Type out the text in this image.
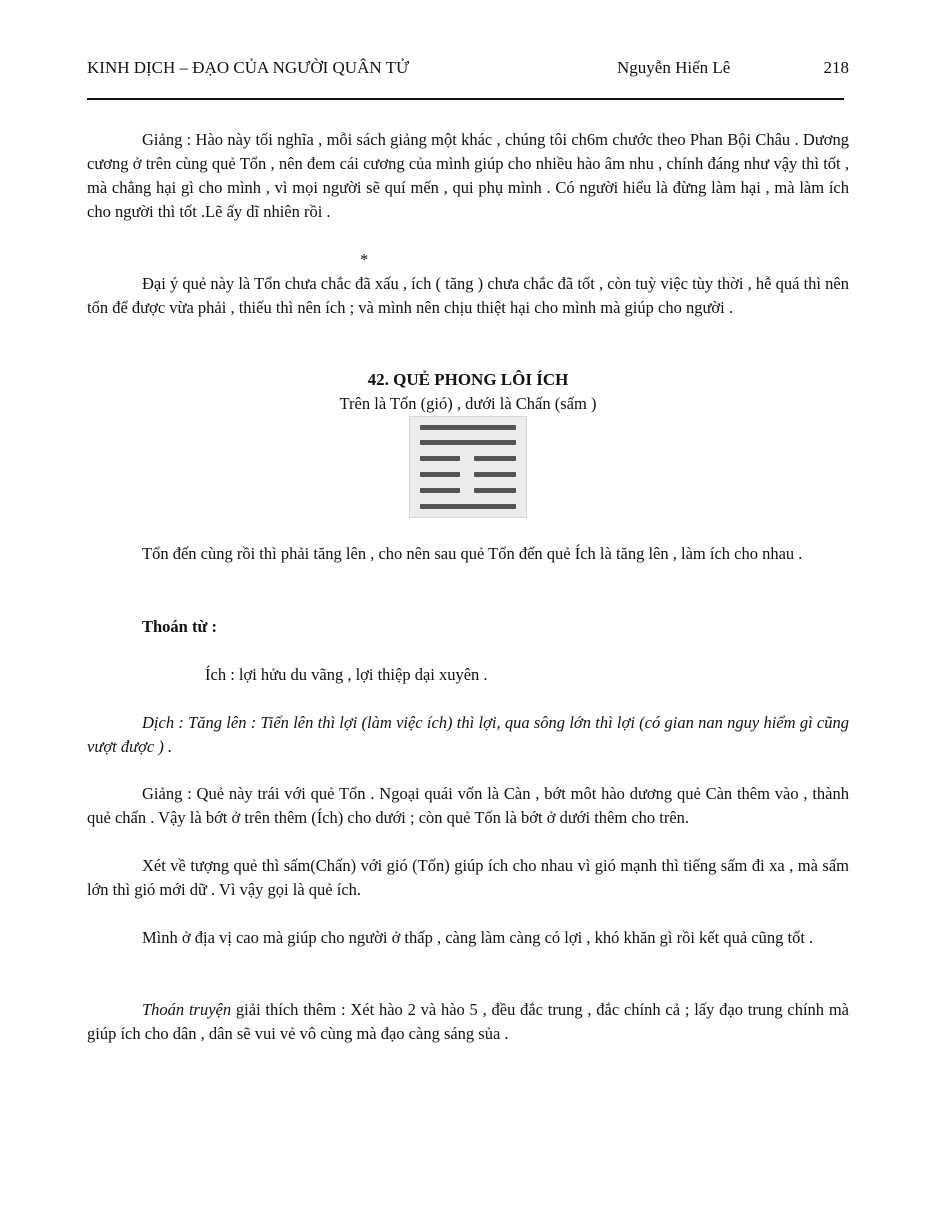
KINH DỊCH – ĐẠO CỦA NGƯỜI QUÂN TỬ	Nguyễn Hiến Lê	218

Giảng : Hào này tối nghĩa , mỗi sách giảng một khác , chúng tôi ch6m chước theo Phan Bội Châu . Dương cương ở trên cùng quẻ Tổn , nên đem cái cương của mình giúp cho nhiều hào âm nhu , chính đáng như vậy thì tốt , mà chẳng hại gì cho mình , vì mọi người sẽ quí mến , qui phụ mình . Có người hiểu là đừng làm hại , mà làm ích cho người thì tốt .Lẽ ấy dĩ nhiên rồi .

*

Đại ý quẻ này là Tổn chưa chắc đã xấu , ích ( tăng ) chưa chắc đã tốt , còn tuỳ việc tùy thời , hễ quá thì nên tổn để được vừa phải , thiếu thì nên ích ; và mình nên chịu thiệt hại cho mình mà giúp cho người .

42. QUẺ PHONG LÔI ÍCH

Trên là Tốn (gió) , dưới là Chấn (sấm )

Tổn đến cùng rồi thì phải tăng lên , cho nên sau quẻ Tổn đến quẻ Ích là tăng lên , làm ích cho nhau .

Thoán từ :

Ích : lợi hửu du vãng , lợi thiệp dại xuyên .

Dịch : Tăng lên : Tiến lên thì lợi (làm việc ích) thì lợi, qua sông lớn thì lợi (có gian nan nguy hiểm gì cũng vượt được ) .

Giảng : Quẻ này trái với quẻ Tổn . Ngoại quái vốn là Càn , bớt môt hào dương quẻ Càn thêm vào , thành quẻ chấn . Vậy là bớt ở trên thêm (Ích) cho dưới ; còn quẻ Tốn là bớt ở dưới thêm cho trên.

Xét về tượng quẻ thì sấm(Chấn) với gió (Tốn) giúp ích cho nhau vì gió mạnh thì tiếng sấm đi xa , mà sấm lớn thì gió mới dữ . Vì vậy gọi là quẻ ích.

Mình ở địa vị cao mà giúp cho người ở thấp , càng làm càng có lợi , khó khăn gì rồi kết quả cũng tốt .

Thoán truyện giải thích thêm : Xét hào 2 và hào 5 , đều đắc trung , đắc chính cả ; lấy đạo trung chính mà giúp ích cho dân , dân sẽ vui vẻ vô cùng mà đạo càng sáng sủa .
